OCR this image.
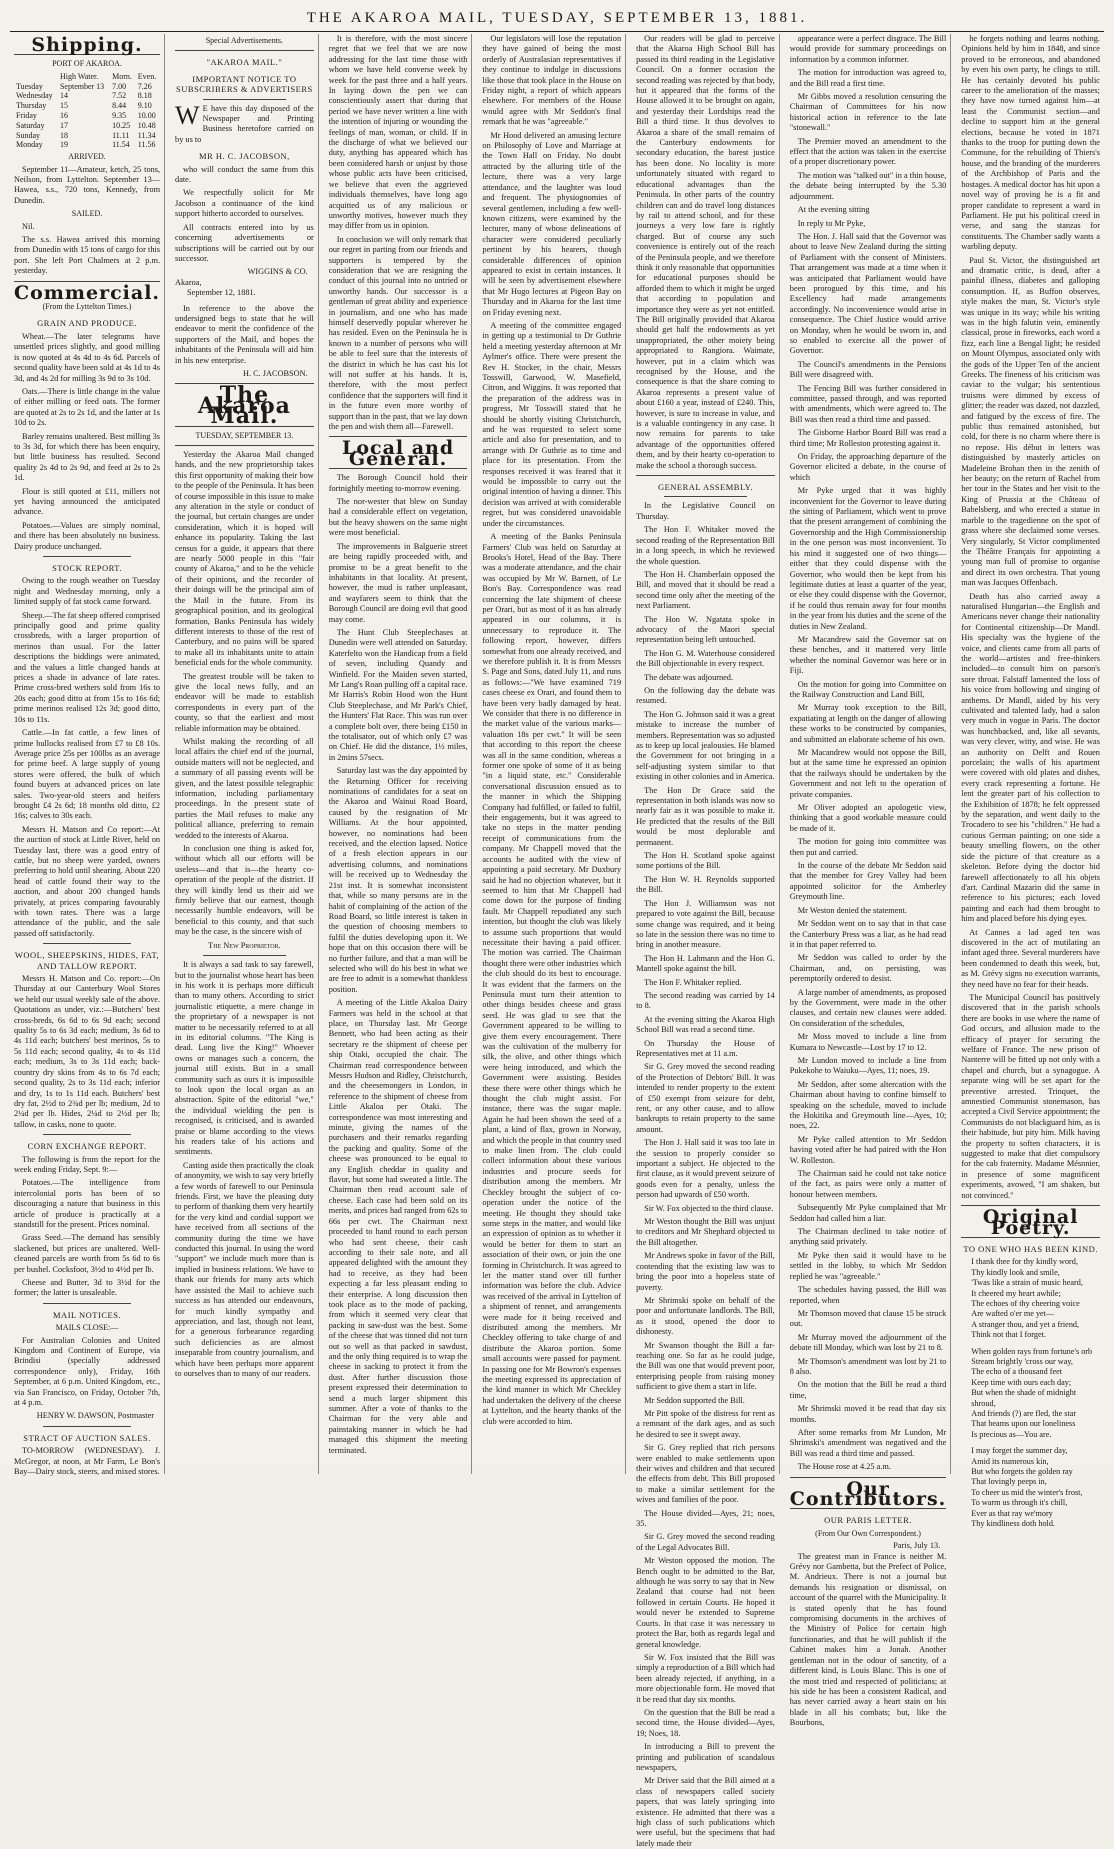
THE AKAROA MAIL, TUESDAY, SEPTEMBER 13, 1881.
Shipping.
PORT OF AKAROA.
	High Water.	Morn.	Even.
Tuesday	September 13	7.00	7.26
Wednesday	14	7.52	8.18
Thursday	15	8.44	9.10
Friday	16	9.35	10.00
Saturday	17	10.25	10.48
Sunday	18	11.11	11.34
Monday	19	11.54	11.56
ARRIVED.

September 11—Amateur, ketch, 25 tons, Neilson, from Lyttelton. September 13—Hawea, s.s., 720 tons, Kennedy, from Dunedin.

SAILED.

Nil.

The s.s. Hawea arrived this morning from Dunedin with 15 tons of cargo for this port. She left Port Chalmers at 2 p.m. yesterday.

Commercial.
(From the Lyttelton Times.)
GRAIN AND PRODUCE.

Wheat.—The later telegrams have unsettled prices slightly, and good milling is now quoted at 4s 4d to 4s 6d. Parcels of second quality have been sold at 4s 1d to 4s 3d, and 4s 2d for milling 3s 9d to 3s 10d.

Oats.—There is little change in the value of either milling or feed oats. The former are quoted at 2s to 2s 1d, and the latter at 1s 10d to 2s.

Barley remains unaltered. Best milling 3s to 3s 3d, for which there has been enquiry, but little business has resulted. Second quality 2s 4d to 2s 9d, and feed at 2s to 2s 1d.

Flour is still quoted at £11, millers not yet having announced the anticipated advance.

Potatoes.—Values are simply nominal, and there has been absolutely no business. Dairy produce unchanged.

STOCK REPORT.

Owing to the rough weather on Tuesday night and Wednesday morning, only a limited supply of fat stock came forward.

Sheep.—The fat sheep offered comprised principally good and prime quality crossbreds, with a larger proportion of merinos than usual. For the latter descriptions the biddings were animated, and the values a little changed hands at prices a shade in advance of late rates. Prime cross-bred wethers sold from 16s to 20s each; good ditto at from 15s to 16s 6d; prime merinos realised 12s 3d; good ditto, 10s to 11s.

Cattle.—In fat cattle, a few lines of prime bullocks realised from £7 to £8 10s. Average price 25s per 100lbs as an average for prime beef. A large supply of young stores were offered, the bulk of which found buyers at advanced prices on late sales. Two-year-old steers and heifers brought £4 2s 6d; 18 months old ditto, £2 16s; calves to 30s each.

Messrs H. Matson and Co report:—At the auction of stock at Little River, held on Tuesday last, there was a good entry of cattle, but no sheep were yarded, owners preferring to hold until shearing. About 220 head of cattle found their way to the auction, and about 200 changed hands privately, at prices comparing favourably with town rates. There was a large attendance of the public, and the sale passed off satisfactorily.

WOOL, SHEEPSKINS, HIDES, FAT, AND TALLOW REPORT.

Messrs H. Matson and Co. report:—On Thursday at our Canterbury Wool Stores we held our usual weekly sale of the above. Quotations as under, viz.:—Butchers' best cross-breds, 6s 6d to 6s 9d each; second quality 5s to 6s 3d each; medium, 3s 6d to 4s 11d each; butchers' best merinos, 5s to 5s 11d each; second quality, 4s to 4s 11d each; medium, 3s to 3s 11d each; back-country dry skins from 4s to 6s 7d each; second quality, 2s to 3s 11d each; inferior and dry, 1s to 1s 11d each. Butchers' best dry fat, 2½d to 2¾d per lb; medium, 2d to 2¼d per lb. Hides, 2¼d to 2½d per lb; tallow, in casks, none to quote.

CORN EXCHANGE REPORT.

The following is from the report for the week ending Friday, Sept. 9:—

Potatoes.—The intelligence from intercolonial ports has been of so discouraging a nature that business in this article of produce is practically at a standstill for the present. Prices nominal.

Grass Seed.—The demand has sensibly slackened, but prices are unaltered. Well-cleaned parcels are worth from 5s 6d to 6s per bushel. Cocksfoot, 3½d to 4½d per lb.

Cheese and Butter, 3d to 3½d for the former; the latter is unsaleable.

MAIL NOTICES.
MAILS CLOSE:—

For Australian Colonies and United Kingdom and Continent of Europe, via Brindisi (specially addressed correspondence only), Friday, 16th September, at 6 p.m. United Kingdom, etc., via San Francisco, on Friday, October 7th, at 4 p.m.

HENRY W. DAWSON, Postmaster
STRACT OF AUCTION SALES.

TO-MORROW (WEDNESDAY). J. McGregor, at noon, at Mr Farm, Le Bon's Bay—Dairy stock, steers, and mixed stores.

Special Advertisements.
"AKAROA MAIL."
IMPORTANT NOTICE TO SUBSCRIBERS & ADVERTISERS

W E have this day disposed of the Newspaper and Printing Business heretofore carried on by us to

MR H. C. JACOBSON,

who will conduct the same from this date.

We respectfully solicit for Mr Jacobson a continuance of the kind support hitherto accorded to ourselves.

All contracts entered into by us concerning advertisements or subscriptions will be carried out by our successor.

WIGGINS & CO.
Akaroa,
September 12, 1881.

In reference to the above the undersigned begs to state that he will endeavor to merit the confidence of the supporters of the Mail, and hopes the inhabitants of the Peninsula will aid him in his new enterprise.

H. C. JACOBSON.
The Akaroa Mail.
TUESDAY, SEPTEMBER 13.

Yesterday the Akaroa Mail changed hands, and the new proprietorship takes this first opportunity of making their bow to the people of the Peninsula. It has been of course impossible in this issue to make any alteration in the style or conduct of the journal, but certain changes are under consideration, which it is hoped will enhance its popularity. Taking the last census for a guide, it appears that there are nearly 5000 people in this "fair county of Akaroa," and to be the vehicle of their opinions, and the recorder of their doings will be the principal aim of the Mail in the future. From its geographical position, and its geological formation, Banks Peninsula has widely different interests to those of the rest of Canterbury, and no pains will be spared to make all its inhabitants unite to attain beneficial ends for the whole community.

The greatest trouble will be taken to give the local news fully, and an endeavor will be made to establish correspondents in every part of the county, so that the earliest and most reliable information may be obtained.

Whilst making the recording of all local affairs the chief end of the journal, outside matters will not be neglected, and a summary of all passing events will be given, and the latest possible telegraphic information, including parliamentary proceedings. In the present state of parties the Mail refuses to make any political alliance, preferring to remain wedded to the interests of Akaroa.

In conclusion one thing is asked for, without which all our efforts will be useless—and that is—the hearty co-operation of the people of the district. If they will kindly lend us their aid we firmly believe that our earnest, though necessarily humble endeavors, will be beneficial to this county, and that such may be the case, is the sincere wish of

The New Proprietor.

It is always a sad task to say farewell, but to the journalist whose heart has been in his work it is perhaps more difficult than to many others. According to strict journalistic etiquette, a mere change in the proprietary of a newspaper is not matter to be necessarily referred to at all in its editorial columns. "The King is dead. Long live the King!" Whoever owns or manages such a concern, the journal still exists. But in a small community such as ours it is impossible to look upon the local organ as an abstraction. Spite of the editorial "we," the individual wielding the pen is recognised, is criticised, and is awarded praise or blame according to the views his readers take of his actions and sentiments.

Casting aside then practically the cloak of anonymity, we wish to say very briefly a few words of farewell to our Peninsula friends. First, we have the pleasing duty to perform of thanking them very heartily for the very kind and cordial support we have received from all sections of the community during the time we have conducted this journal. In using the word "support" we include much more than is implied in business relations. We have to thank our friends for many acts which have assisted the Mail to achieve such success as has attended our endeavours, for much kindly sympathy and appreciation, and last, though not least, for a generous forbearance regarding such deficiencies as are almost inseparable from country journalism, and which have been perhaps more apparent to ourselves than to many of our readers.

It is therefore, with the most sincere regret that we feel that we are now addressing for the last time those with whom we have held converse week by week for the past three and a half years. In laying down the pen we can conscientiously assert that during that period we have never written a line with the intention of injuring or wounding the feelings of man, woman, or child. If in the discharge of what we believed our duty, anything has appeared which has been considered harsh or unjust by those whose public acts have been criticised, we believe that even the aggrieved individuals themselves, have long ago acquitted us of any malicious or unworthy motives, however much they may differ from us in opinion.

In conclusion we will only remark that our regret in parting from our friends and supporters is tempered by the consideration that we are resigning the conduct of this journal into no untried or unworthy hands. Our successor is a gentleman of great ability and experience in journalism, and one who has made himself deservedly popular wherever he has resided. Even on the Peninsula he is known to a number of persons who will be able to feel sure that the interests of the district in which he has cast his lot will not suffer at his hands. It is, therefore, with the most perfect confidence that the supporters will find it in the future even more worthy of support than in the past, that we lay down the pen and wish them all—Farewell.

Local and General.

The Borough Council hold their fortnightly meeting to-morrow evening.

The nor-wester that blew on Sunday had a considerable effect on vegetation, but the heavy showers on the same night were most beneficial.

The improvements in Balguerie street are being rapidly proceeded with, and promise to be a great benefit to the inhabitants in that locality. At present, however, the mud is rather unpleasant, and wayfarers seem to think that the Borough Council are doing evil that good may come.

The Hunt Club Steeplechases at Dunedin were well attended on Saturday. Katerfelto won the Handicap from a field of seven, including Quandy and Winfield. For the Maiden seven started, Mr Lang's Roan pulling off a capital race. Mr Harris's Robin Hood won the Hunt Club Steeplechase, and Mr Park's Chief, the Hunters' Flat Race. This was run over a complete bolt over, there being £150 in the totalisator, out of which only £7 was on Chief. He did the distance, 1½ miles, in 2mins 57secs.

Saturday last was the day appointed by the Returning Officer for receiving nominations of candidates for a seat on the Akaroa and Wainui Road Board, caused by the resignation of Mr Williams. At the hour appointed, however, no nominations had been received, and the election lapsed. Notice of a fresh election appears in our advertising columns, and nominations will be received up to Wednesday the 21st inst. It is somewhat inconsistent that, while so many persons are in the habit of complaining of the action of the Road Board, so little interest is taken in the question of choosing members to fulfil the duties developing upon it. We hope that on this occasion there will be no further failure, and that a man will be selected who will do his best in what we are free to admit is a somewhat thankless position.

A meeting of the Little Akaloa Dairy Farmers was held in the school at that place, on Thursday last. Mr George Bennett, who had been acting as their secretary re the shipment of cheese per ship Otaki, occupied the chair. The Chairman read correspondence between Messrs Hudson and Ridley, Christchurch, and the cheesemongers in London, in reference to the shipment of cheese from Little Akaloa per Otaki. The correspondence was most interesting and minute, giving the names of the purchasers and their remarks regarding the packing and quality. Some of the cheese was pronounced to be equal to any English cheddar in quality and flavor, but some had sweated a little. The Chairman then read account sale of cheese. Each case had been sold on its merits, and prices had ranged from 62s to 66s per cwt. The Chairman next proceeded to hand round to each person who had sent cheese, their cash according to their sale note, and all appeared delighted with the amount they had to receive, as they had been expecting a far less pleasant ending to their enterprise. A long discussion then took place as to the mode of packing, from which it seemed very clear that packing in saw-dust was the best. Some of the cheese that was tinned did not turn out so well as that packed in sawdust, and the only thing required is to wrap the cheese in sacking to protect it from the dust. After further discussion those present expressed their determination to send a much larger shipment this summer. After a vote of thanks to the Chairman for the very able and painstaking manner in which he had managed this shipment the meeting terminated.

Our legislators will lose the reputation they have gained of being the most orderly of Australasian representatives if they continue to indulge in discussions like those that took place in the House on Friday night, a report of which appears elsewhere. For members of the House would agree with Mr Seddon's final remark that he was "agreeable."

Mr Hood delivered an amusing lecture on Philosophy of Love and Marriage at the Town Hall on Friday. No doubt attracted by the alluring title of the lecture, there was a very large attendance, and the laughter was loud and frequent. The physiognomies of several gentlemen, including a few well-known citizens, were examined by the lecturer, many of whose delineations of character were considered peculiarly pertinent by his hearers, though considerable differences of opinion appeared to exist in certain instances. It will be seen by advertisement elsewhere that Mr Hugo lectures at Pigeon Bay on Thursday and in Akaroa for the last time on Friday evening next.

A meeting of the committee engaged in getting up a testimonial to Dr Guthrie held a meeting yesterday afternoon at Mr Aylmer's office. There were present the Rev H. Stocker, in the chair, Messrs Tosswill, Garwood, W. Masefield, Citron, and Wiggins. It was reported that the preparation of the address was in progress, Mr Tosswill stated that he should be shortly visiting Christchurch, and he was requested to select some article and also for presentation, and to arrange with Dr Guthrie as to time and place for its presentation. From the responses received it was feared that it would be impossible to carry out the original intention of having a dinner. This decision was arrived at with considerable regret, but was considered unavoidable under the circumstances.

A meeting of the Banks Peninsula Farmers' Club was held on Saturday at Brooks's Hotel, Head of the Bay. There was a moderate attendance, and the chair was occupied by Mr W. Barnett, of Le Bon's Bay. Correspondence was read concerning the late shipment of cheese per Orari, but as most of it as has already appeared in our columns, it is unnecessary to reproduce it. The following report, however, differs somewhat from one already received, and we therefore publish it. It is from Messrs S. Page and Sons, dated July 11, and runs as follows:—"We have examined 719 cases cheese ex Orari, and found them to have been very badly damaged by heat. We consider that there is no difference in the market value of the various marks—valuation 18s per cwt." It will be seen that according to this report the cheese was all in the same condition, whereas a former one spoke of some of it as being "in a liquid state, etc." Considerable conversational discussion ensued as to the manner in which the Shipping Company had fulfilled, or failed to fulfil, their engagements, but it was agreed to take no steps in the matter pending receipt of communications from the company. Mr Chappell moved that the accounts be audited with the view of appointing a paid secretary. Mr Duxbury said he had no objection whatever, but it seemed to him that Mr Chappell had come down for the purpose of finding fault. Mr Chappell repudiated any such intention, but thought the club was likely to assume such proportions that would necessitate their having a paid officer. The motion was carried. The Chairman thought there were other industries which the club should do its best to encourage. It was evident that the farmers on the Peninsula must turn their attention to other things besides cheese and grass seed. He was glad to see that the Government appeared to be willing to give them every encouragement. There was the cultivation of the mulberry for silk, the olive, and other things which were being introduced, and which the Government were assisting. Besides these there were other things which he thought the club might assist. For instance, there was the sugar maple. Again he had been shown the seed of a plant, a kind of flax, grown in Norway, and which the people in that country used to make linen from. The club could collect information about these various industries and procure seeds for distribution among the members. Mr Checkley brought the subject of co-operation under the notice of the meeting. He thought they should take some steps in the matter, and would like an expression of opinion as to whether it would be better for them to start an association of their own, or join the one forming in Christchurch. It was agreed to let the matter stand over till further information was before the club. Advice was received of the arrival in Lyttelton of a shipment of rennet, and arrangements were made for it being received and distributed among the members. Mr Checkley offering to take charge of and distribute the Akaroa portion. Some small accounts were passed for payment. In passing one for Mr Bowron's expenses the meeting expressed its appreciation of the kind manner in which Mr Checkley had undertaken the delivery of the cheese at Lyttelton, and the hearty thanks of the club were accorded to him.

Our readers will be glad to perceive that the Akaroa High School Bill has passed its third reading in the Legislative Council. On a former occasion the second reading was rejected by that body, but it appeared that the forms of the House allowed it to be brought on again, and yesterday their Lordships read the Bill a third time. It thus devolves to Akaroa a share of the small remains of the Canterbury endowments for secondary education, the barest justice has been done. No locality is more unfortunately situated with regard to educational advantages than the Peninsula. In other parts of the country children can and do travel long distances by rail to attend school, and for these journeys a very low fare is rightly charged. But of course any such convenience is entirely out of the reach of the Peninsula people, and we therefore think it only reasonable that opportunities for educational purposes should be afforded them to which it might be urged that according to population and importance they were as yet not entitled. The Bill originally provided that Akaroa should get half the endowments as yet unappropriated, the other moiety being appropriated to Rangiora. Waimate, however, put in a claim which was recognised by the House, and the consequence is that the share coming to Akaroa represents a present value of about £160 a year, instead of £240. This, however, is sure to increase in value, and is a valuable contingency in any case. It now remains for parents to take advantage of the opportunities offered them, and by their hearty co-operation to make the school a thorough success.

GENERAL ASSEMBLY.

In the Legislative Council on Thursday.

The Hon F. Whitaker moved the second reading of the Representation Bill in a long speech, in which he reviewed the whole question.

The Hon H. Chamberlain opposed the Bill, and moved that it should be read a second time only after the meeting of the next Parliament.

The Hon W. Ngatata spoke in advocacy of the Maori special representation being left untouched.

The Hon G. M. Waterhouse considered the Bill objectionable in every respect.

The debate was adjourned.

On the following day the debate was resumed.

The Hon G. Johnson said it was a great mistake to increase the number of members. Representation was so adjusted as to keep up local jealousies. He blamed the Government for not bringing in a self-adjusting system similar to that existing in other colonies and in America.

The Hon Dr Grace said the representation in both islands was now so nearly fair as it was possible to make it. He predicted that the results of the Bill would be most deplorable and permanent.

The Hon H. Scotland spoke against some portions of the Bill.

The Hon W. H. Reynolds supported the Bill.

The Hon J. Williamson was not prepared to vote against the Bill, because some change was required, and it being so late in the session there was no time to bring in another measure.

The Hon H. Lahmann and the Hon G. Mantell spoke against the bill.

The Hon F. Whitaker replied.

The second reading was carried by 14 to 8.

At the evening sitting the Akaroa High School Bill was read a second time.

On Thursday the House of Representatives met at 11 a.m.

Sir G. Grey moved the second reading of the Protection of Debtors' Bill. It was intended to render property to the extent of £50 exempt from seizure for debt, rent, or any other cause, and to allow bankrupts to retain property to the same amount.

The Hon J. Hall said it was too late in the session to properly consider so important a subject. He objected to the first clause, as it would prevent seizure of goods even for a penalty, unless the person had upwards of £50 worth.

Sir W. Fox objected to the third clause.

Mr Weston thought the Bill was unjust to creditors and Mr Shephard objected to the Bill altogether.

Mr Andrews spoke in favor of the Bill, contending that the existing law was to bring the poor into a hopeless state of poverty.

Mr Shrimski spoke on behalf of the poor and unfortunate landlords. The Bill, as it stood, opened the door to dishonesty.

Mr Swanson thought the Bill a far-reaching one. So far as he could judge, the Bill was one that would prevent poor, enterprising people from raising money sufficient to give them a start in life.

Mr Seddon supported the Bill.

Mr Pitt spoke of the distress for rent as a remnant of the dark ages, and as such he desired to see it swept away.

Sir G. Grey replied that rich persons were enabled to make settlements upon their wives and children and that secured the effects from debt. This Bill proposed to make a similar settlement for the wives and families of the poor.

The House divided—Ayes, 21; noes, 35.

Sir G. Grey moved the second reading of the Legal Advocates Bill.

Mr Weston opposed the motion. The Bench ought to be admitted to the Bar, although he was sorry to say that in New Zealand that course had not been followed in certain Courts. He hoped it would never be extended to Supreme Courts. In that case it was necessary to protect the Bar, both as regards legal and general knowledge.

Sir W. Fox insisted that the Bill was simply a reproduction of a Bill which had been already rejected, if anything, in a more objectionable form. He moved that it be read that day six months.

On the question that the Bill be read a second time, the House divided—Ayes, 19; Noes, 18.

In introducing a Bill to prevent the printing and publication of scandalous newspapers,

Mr Driver said that the Bill aimed at a class of newspapers called society papers, that was lately springing into existence. He admitted that there was a high class of such publications which were useful, but the specimens that had lately made their

appearance were a perfect disgrace. The Bill would provide for summary proceedings on information by a common informer.

The motion for introduction was agreed to, and the Bill read a first time.

Mr Gibbs moved a resolution censuring the Chairman of Committees for his now historical action in reference to the late "stonewall."

The Premier moved an amendment to the effect that the action was taken in the exercise of a proper discretionary power.

The motion was "talked out" in a thin house, the debate being interrupted by the 5.30 adjournment.

At the evening sitting

In reply to Mr Pyke,

The Hon. J. Hall said that the Governor was about to leave New Zealand during the sitting of Parliament with the consent of Ministers. That arrangement was made at a time when it was anticipated that Parliament would have been prorogued by this time, and his Excellency had made arrangements accordingly. No inconvenience would arise in consequence. The Chief Justice would arrive on Monday, when he would be sworn in, and so enabled to exercise all the power of Governor.

The Council's amendments in the Pensions Bill were disagreed with.

The Fencing Bill was further considered in committee, passed through, and was reported with amendments, which were agreed to. The Bill was then read a third time and passed.

The Gisborne Harbor Board Bill was read a third time; Mr Rolleston protesting against it.

On Friday, the approaching departure of the Governor elicited a debate, in the course of which

Mr Pyke urged that it was highly inconvenient for the Governor to leave during the sitting of Parliament, which went to prove that the present arrangement of combining the Governorship and the High Commissionership in the one person was most inconvenient. To his mind it suggested one of two things—either that they could dispense with the Governor, who would then be kept from his legitimate duties at least a quarter of the year, or else they could dispense with the Governor, if he could thus remain away for four months in the year from his duties and the scene of the duties in New Zealand.

Mr Macandrew said the Governor sat on these benches, and it mattered very little whether the nominal Governor was here or in Fiji.

On the motion for going into Committee on the Railway Construction and Land Bill,

Mr Murray took exception to the Bill, expatiating at length on the danger of allowing these works to be constructed by companies, and submitted an elaborate scheme of his own.

Mr Macandrew would not oppose the Bill, but at the same time he expressed an opinion that the railways should be undertaken by the Government and not left to the operation of private companies.

Mr Oliver adopted an apologetic view, thinking that a good workable measure could be made of it.

The motion for going into committee was then put and carried.

In the course of the debate Mr Seddon said that the member for Grey Valley had been appointed solicitor for the Amberley Greymouth line.

Mr Weston denied the statement.

Mr Seddon went on to say that in that case the Canterbury Press was a liar, as he had read it in that paper referred to.

Mr Seddon was called to order by the Chairman, and, on persisting, was peremptorily ordered to desist.

A large number of amendments, as proposed by the Government, were made in the other clauses, and certain new clauses were added. On consideration of the schedules,

Mr Moss moved to include a line from Kumara to Newcastle—Lost by 17 to 12.

Mr Lundon moved to include a line from Pukekohe to Waiuku—Ayes, 11; noes, 19.

Mr Seddon, after some altercation with the Chairman about having to confine himself to speaking on the schedule, moved to include the Hokitika and Greymouth line—Ayes, 10; noes, 22.

Mr Pyke called attention to Mr Seddon having voted after he had paired with the Hon W. Rolleston.

The Chairman said he could not take notice of the fact, as pairs were only a matter of honour between members.

Subsequently Mr Pyke complained that Mr Seddon had called him a liar.

The Chairman declined to take notice of anything said privately.

Mr Pyke then said it would have to be settled in the lobby, to which Mr Seddon replied he was "agreeable."

The schedules having passed, the Bill was reported, when

Mr Thomson moved that clause 15 be struck out.

Mr Murray moved the adjournment of the debate till Monday, which was lost by 21 to 8.

Mr Thomson's amendment was lost by 21 to 8 also.

On the motion that the Bill be read a third time,

Mr Shrimski moved it be read that day six months.

After some remarks from Mr Lundon, Mr Shrimski's amendment was negatived and the Bill was read a third time and passed.

The House rose at 4.25 a.m.

Our Contributors.
OUR PARIS LETTER.
(From Our Own Correspondent.)
Paris, July 13.

The greatest man in France is neither M. Grévy nor Gambetta, but the Prefect of Police, M. Andrieux. There is not a journal but demands his resignation or dismissal, on account of the quarrel with the Municipality. It is stated openly that he has found compromising documents in the archives of the Ministry of Police for certain high functionaries, and that he will publish if the Cabinet makes him a Jonah. Another gentleman not in the odour of sanctity, of a different kind, is Louis Blanc. This is one of the most tried and respected of politicians; at his side he has been a consistent Radical, and has never carried away a heart stain on his blade in all his combats; but, like the Bourbons,

he forgets nothing and learns nothing. Opinions held by him in 1848, and since proved to be erroneous, and abandoned by even his own party, he clings to still. He has certainly devoted his public career to the amelioration of the masses; they have now turned against him—at least the Communist section—and decline to support him at the general elections, because he voted in 1871 thanks to the troop for putting down the Commune, for the rebuilding of Thiers's house, and the branding of the murderers of the Archbishop of Paris and the hostages. A medical doctor has hit upon a novel way of proving he is a fit and proper candidate to represent a ward in Parliament. He put his political creed in verse, and sang the stanzas for constituents. The Chamber sadly wants a warbling deputy.

Paul St. Victor, the distinguished art and dramatic critic, is dead, after a painful illness, diabetes and galloping consumption. If, as Buffon observes, style makes the man, St. Victor's style was unique in its way; while his writing was in the high falutin vein, eminently classical, prose in fireworks, each word a fizz, each line a Bengal light; he resided on Mount Olympus, associated only with the gods of the Upper Ten of the ancient Greeks. The fineness of his criticism was caviar to the vulgar; his sententious truisms were dimmed by excess of glitter; the reader was dazed, not dazzled, and fatigued by the excess of fire. The public thus remained astonished, but cold, for there is no charm where there is no repose. His début in letters was distinguished by masterly articles on Madeleine Brohan then in the zenith of her beauty; on the return of Rachel from her tour in the States and her visit to the King of Prussia at the Château of Babelsberg, and who erected a statue in marble to the tragedienne on the spot of grass where she declaimed some verses. Very singularly, St Victor complimented the Théâtre Français for appointing a young man full of promise to organise and direct its own orchestra. That young man was Jacques Offenbach.

Death has also carried away a naturalised Hungarian—the English and Americans never change their nationality for Continental citizenship—Dr Mandl. His specialty was the hygiene of the voice, and clients came from all parts of the world—artistes and free-thinkers included—to consult him on parson's sore throat. Falstaff lamented the loss of his voice from hollowing and singing of anthems. Dr Mandl, aided by his very cultivated and talented lady, had a salon very much in vogue in Paris. The doctor was hunchbacked, and, like all sevants, was very clever, witty, and wise. He was an authority on Delft and Rouen porcelain; the walls of his apartment were covered with old plates and dishes, every crack representing a fortune. He lent the greater part of his collection to the Exhibition of 1878; he felt oppressed by the separation, and went daily to the Trocadero to see his "children." He had a curious German painting; on one side a beauty smelling flowers, on the other side the picture of that creature as a skeleton. Before dying the doctor bid farewell affectionately to all his objets d'art. Cardinal Mazarin did the same in reference to his pictures; each loved painting and each had them brought to him and placed before his dying eyes.

At Cannes a lad aged ten was discovered in the act of mutilating an infant aged three. Several murderers have been condemned to death this week, but, as M. Grévy signs no execution warrants, they need have no fear for their heads.

The Municipal Council has positively discovered that in the parish schools there are books in use where the name of God occurs, and allusion made to the efficacy of prayer for securing the welfare of France. The new prison of Nanterre will be fitted up not only with a chapel and church, but a synagogue. A separate wing will be set apart for the preventive arrested. Trinquet, the amnestied Communist stonemason, has accepted a Civil Service appointment; the Communists do not blackguard him, as is their habitude, but pity him. Milk having the property to soften characters, it is suggested to make that diet compulsory for the cab fraternity. Madame Mésnnier, in presence of some magnificent experiments, avowed, "I am shaken, but not convinced."

Original Poetry.
TO ONE WHO HAS BEEN KIND.

I thank thee for thy kindly word,
Thy kindly look and smile,
'Twas like a strain of music heard,
It cheered my heart awhile;
The echoes of thy cheering voice
Are wafted o'er me yet—
A stranger thou, and yet a friend,
Think not that I forget.

When golden rays from fortune's orb
Stream brightly 'cross our way,
The echo of a thousand feet
Keep time with ours each day;
But when the shade of midnight shroud,
And friends (?) are fled, the star
That beams upon our loneliness
Is precious as—You are.

I may forget the summer day,
Amid its numerous kin,
But who forgets the golden ray
That lovingly peeps in,
To cheer us mid the winter's frost,
To warm us through it's chill,
Ever as that ray we'mory
Thy kindliness doth hold.
